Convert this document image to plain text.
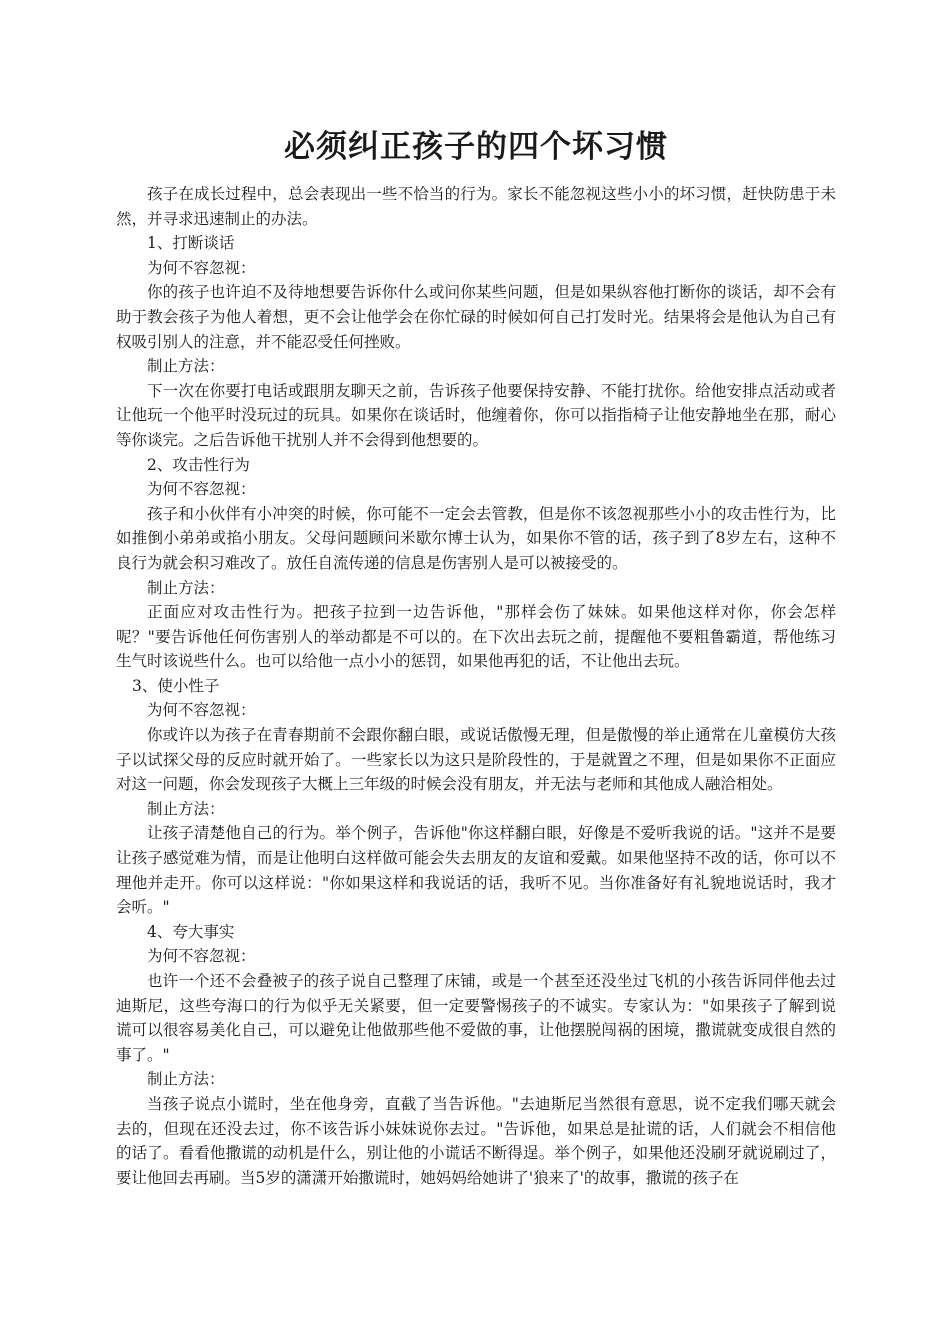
必须纠正孩子的四个坏习惯

孩子在成长过程中，总会表现出一些不恰当的行为。家长不能忽视这些小小的坏习惯，赶快防患于未然，并寻求迅速制止的办法。

1、打断谈话

为何不容忽视：

你的孩子也许迫不及待地想要告诉你什么或问你某些问题，但是如果纵容他打断你的谈话，却不会有助于教会孩子为他人着想，更不会让他学会在你忙碌的时候如何自己打发时光。结果将会是他认为自己有权吸引别人的注意，并不能忍受任何挫败。

制止方法：

下一次在你要打电话或跟朋友聊天之前，告诉孩子他要保持安静、不能打扰你。给他安排点活动或者让他玩一个他平时没玩过的玩具。如果你在谈话时，他缠着你，你可以指指椅子让他安静地坐在那，耐心等你谈完。之后告诉他干扰别人并不会得到他想要的。

2、攻击性行为

为何不容忽视：

孩子和小伙伴有小冲突的时候，你可能不一定会去管教，但是你不该忽视那些小小的攻击性行为，比如推倒小弟弟或掐小朋友。父母问题顾问米歇尔博士认为，如果你不管的话，孩子到了8岁左右，这种不良行为就会积习难改了。放任自流传递的信息是伤害别人是可以被接受的。

制止方法：

正面应对攻击性行为。把孩子拉到一边告诉他，"那样会伤了妹妹。如果他这样对你，你会怎样呢？"要告诉他任何伤害别人的举动都是不可以的。在下次出去玩之前，提醒他不要粗鲁霸道，帮他练习生气时该说些什么。也可以给他一点小小的惩罚，如果他再犯的话，不让他出去玩。

3、使小性子

为何不容忽视：

你或许以为孩子在青春期前不会跟你翻白眼，或说话傲慢无理，但是傲慢的举止通常在儿童模仿大孩子以试探父母的反应时就开始了。一些家长以为这只是阶段性的，于是就置之不理，但是如果你不正面应对这一问题，你会发现孩子大概上三年级的时候会没有朋友，并无法与老师和其他成人融洽相处。

制止方法：

让孩子清楚他自己的行为。举个例子，告诉他"你这样翻白眼，好像是不爱听我说的话。"这并不是要让孩子感觉难为情，而是让他明白这样做可能会失去朋友的友谊和爱戴。如果他坚持不改的话，你可以不理他并走开。你可以这样说："你如果这样和我说话的话，我听不见。当你准备好有礼貌地说话时，我才会听。"

4、夸大事实

为何不容忽视：

也许一个还不会叠被子的孩子说自己整理了床铺，或是一个甚至还没坐过飞机的小孩告诉同伴他去过迪斯尼，这些夸海口的行为似乎无关紧要，但一定要警惕孩子的不诚实。专家认为："如果孩子了解到说谎可以很容易美化自己，可以避免让他做那些他不爱做的事，让他摆脱闯祸的困境，撒谎就变成很自然的事了。"

制止方法：

当孩子说点小谎时，坐在他身旁，直截了当告诉他。"去迪斯尼当然很有意思，说不定我们哪天就会去的，但现在还没去过，你不该告诉小妹妹说你去过。"告诉他，如果总是扯谎的话，人们就会不相信他的话了。看看他撒谎的动机是什么，别让他的小谎话不断得逞。举个例子，如果他还没刷牙就说刷过了，要让他回去再刷。当5岁的潇潇开始撒谎时，她妈妈给她讲了'狼来了'的故事，撒谎的孩子在
